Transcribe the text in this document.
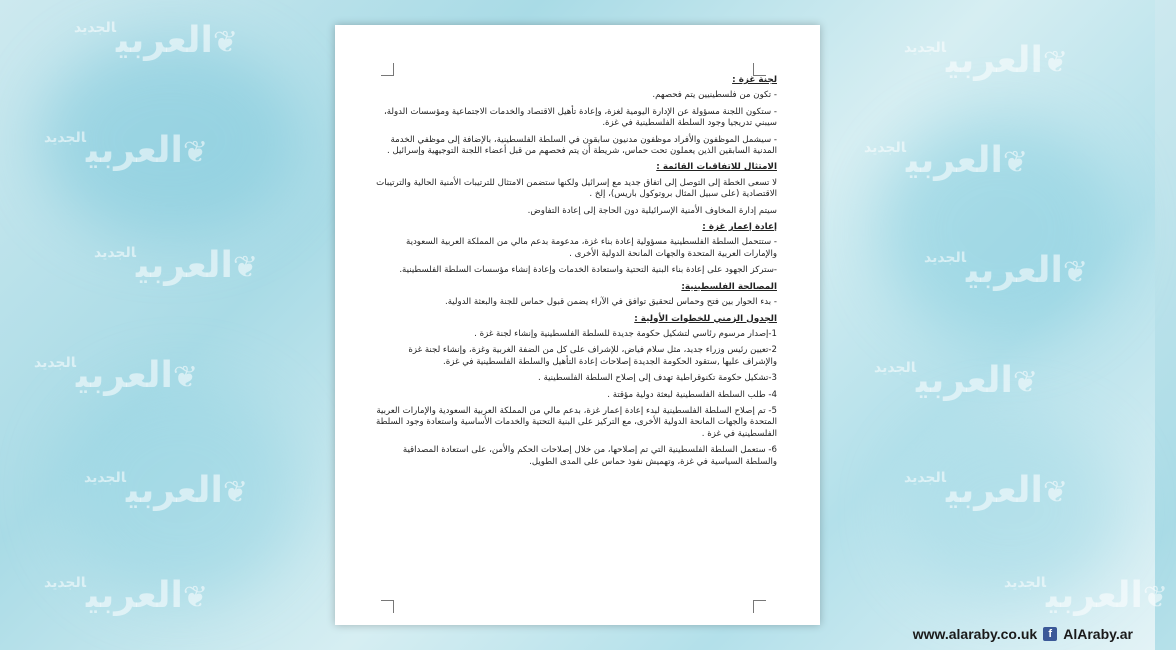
❦العربي$^{الجديد}$
❦العربي$^{الجديد}$
❦العربي$^{الجديد}$
❦العربي$^{الجديد}$
❦العربي$^{الجديد}$
❦العربي$^{الجديد}$
❦العربي$^{الجديد}$
❦العربي$^{الجديد}$
❦العربي$^{الجديد}$
❦العربي$^{الجديد}$
❦العربي$^{الجديد}$
❦العربي$^{الجديد}$
لجنة غزة :

- تكون من فلسطينيين يتم فحصهم.

- ستكون اللجنة مسؤولة عن الإدارة اليومية لغزة، وإعادة تأهيل الاقتصاد والخدمات الاجتماعية ومؤسسات الدولة، سيبني تدريجيا وجود السلطة الفلسطينية في غزة.

- سيشمل الموظفون والأفراد موظفون مدنيون سابقون في السلطة الفلسطينية، بالإضافة إلى موظفي الخدمة المدنية السابقين الذين يعملون تحت حماس، شريطة أن يتم فحصهم من قبل أعضاء اللجنة التوجيهية وإسرائيل .

الامتثال للاتفاقيات القائمة :

لا تسعى الخطة إلى التوصل إلى اتفاق جديد مع إسرائيل ولكنها ستضمن الامتثال للترتيبات الأمنية الحالية والترتيبات الاقتصادية (على سبيل المثال بروتوكول باريس)، إلخ .

سيتم إدارة المخاوف الأمنية الإسرائيلية دون الحاجة إلى إعادة التفاوض.

إعادة إعمار غزة :

- ستتحمل السلطة الفلسطينية مسؤولية إعادة بناء غزة، مدعومة بدعم مالي من المملكة العربية السعودية والإمارات العربية المتحدة والجهات المانحة الدولية الأخرى .

-ستركز الجهود على إعادة بناء البنية التحتية واستعادة الخدمات وإعادة إنشاء مؤسسات السلطة الفلسطينية.

المصالحة الفلسطينية:

- بدء الحوار بين فتح وحماس لتحقيق توافق في الآراء يضمن قبول حماس للجنة والبعثة الدولية.

الجدول الزمني للخطوات الأولية :

1-إصدار مرسوم رئاسي لتشكيل حكومة جديدة للسلطة الفلسطينية وإنشاء لجنة غزة .

2-تعيين رئيس وزراء جديد، مثل سلام فياض، للإشراف على كل من الضفة الغربية وغزة، وإنشاء لجنة غزة والإشراف عليها ,ستقود الحكومة الجديدة إصلاحات إعادة التأهيل والسلطة الفلسطينية في غزة.

3-تشكيل حكومة تكنوقراطية تهدف إلى إصلاح السلطة الفلسطينية .

4- طلب السلطة الفلسطينية لبعثة دولية مؤقتة .

5- تم إصلاح السلطة الفلسطينية لبدء إعادة إعمار غزة، بدعم مالي من المملكة العربية السعودية والإمارات العربية المتحدة والجهات المانحة الدولية الأخرى، مع التركيز على البنية التحتية والخدمات الأساسية واستعادة وجود السلطة الفلسطينية في غزة .

6- ستعمل السلطة الفلسطينية التي تم إصلاحها، من خلال إصلاحات الحكم والأمن، على استعادة المصداقية والسلطة السياسية في غزة، وتهميش نفوذ حماس على المدى الطويل.

www.alaraby.co.uk	f AlAraby.ar
